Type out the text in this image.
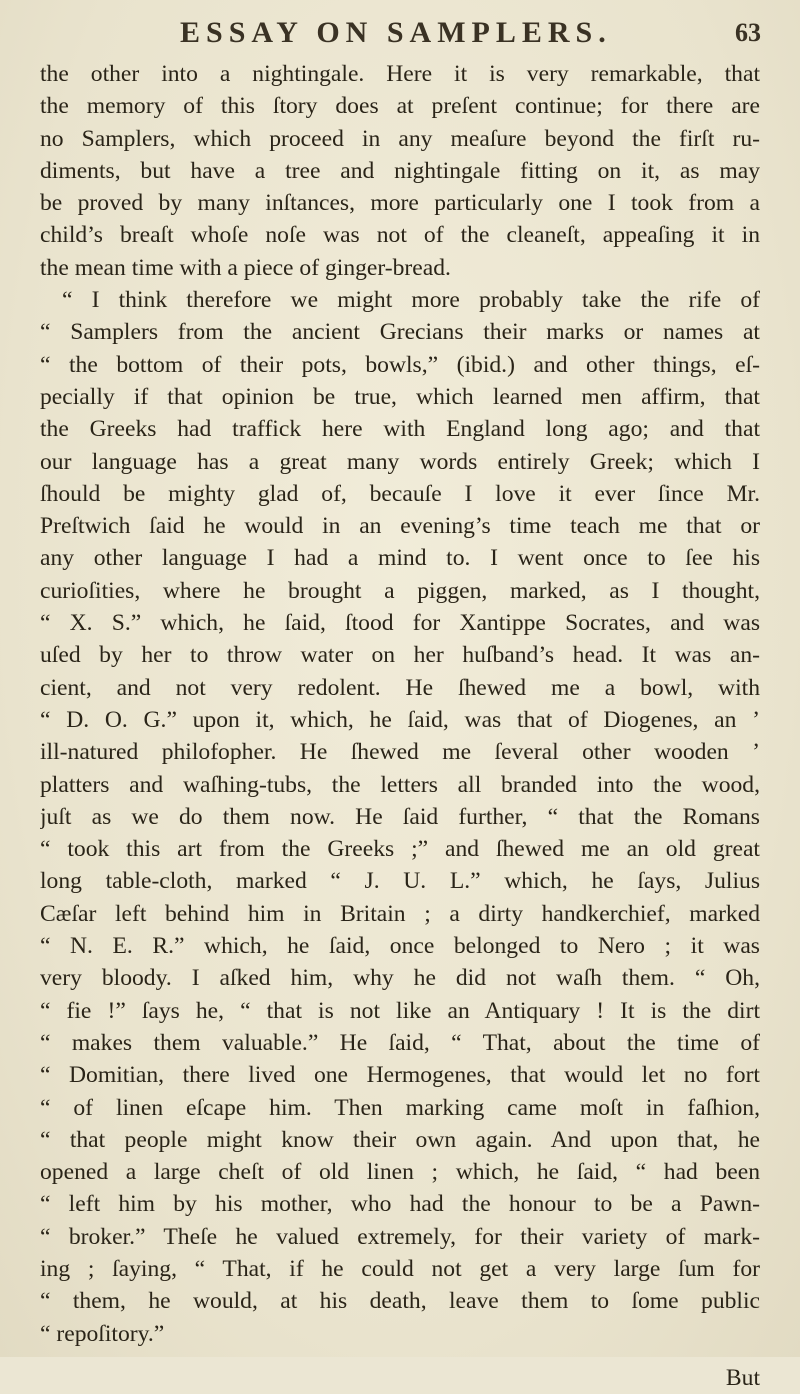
ESSAY ON SAMPLERS.	63
the other into a nightingale. Here it is very remarkable, that
the memory of this ſtory does at preſent continue; for there are
no Samplers, which proceed in any meaſure beyond the firſt ru-
diments, but have a tree and nightingale fitting on it, as may
be proved by many inſtances, more particularly one I took from a
child’s breaſt whoſe noſe was not of the cleaneſt, appeaſing it in
the mean time with a piece of ginger-bread.
“ I think therefore we might more probably take the rife of
“ Samplers from the ancient Grecians their marks or names at
“ the bottom of their pots, bowls,” (ibid.) and other things, eſ-
pecially if that opinion be true, which learned men affirm, that
the Greeks had traffick here with England long ago; and that
our language has a great many words entirely Greek; which I
ſhould be mighty glad of, becauſe I love it ever ſince Mr.
Preſtwich ſaid he would in an evening’s time teach me that or
any other language I had a mind to. I went once to ſee his
curioſities, where he brought a piggen, marked, as I thought,
“ X. S.” which, he ſaid, ſtood for Xantippe Socrates, and was
uſed by her to throw water on her huſband’s head. It was an-
cient, and not very redolent. He ſhewed me a bowl, with
“ D. O. G.” upon it, which, he ſaid, was that of Diogenes, an ’
ill-natured philofopher. He ſhewed me ſeveral other wooden ’
platters and waſhing-tubs, the letters all branded into the wood,
juſt as we do them now. He ſaid further, “ that the Romans
“ took this art from the Greeks ;” and ſhewed me an old great
long table-cloth, marked “ J. U. L.” which, he ſays, Julius
Cæſar left behind him in Britain ; a dirty handkerchief, marked
“ N. E. R.” which, he ſaid, once belonged to Nero ; it was
very bloody. I aſked him, why he did not waſh them. “ Oh,
“ fie !” ſays he, “ that is not like an Antiquary ! It is the dirt
“ makes them valuable.” He ſaid, “ That, about the time of
“ Domitian, there lived one Hermogenes, that would let no fort
“ of linen eſcape him. Then marking came moſt in faſhion,
“ that people might know their own again. And upon that, he
opened a large cheſt of old linen ; which, he ſaid, “ had been
“ left him by his mother, who had the honour to be a Pawn-
“ broker.” Theſe he valued extremely, for their variety of mark-
ing ; ſaying, “ That, if he could not get a very large ſum for
“ them, he would, at his death, leave them to ſome public
“ repoſitory.”
But
